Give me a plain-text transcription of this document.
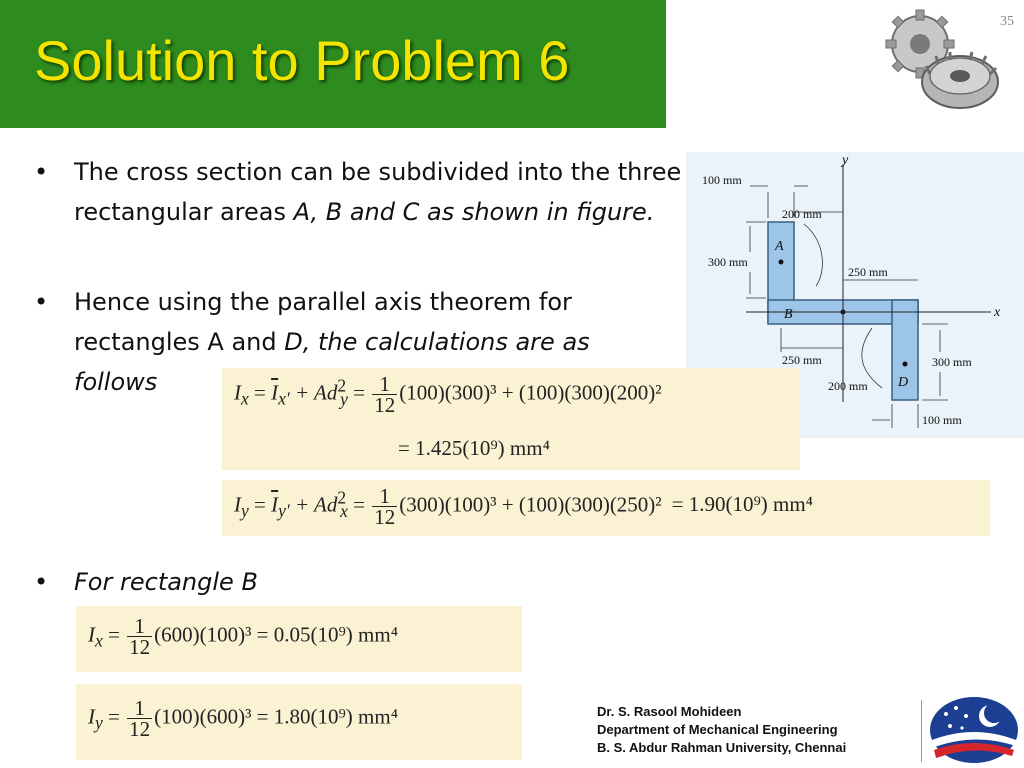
Solution to Problem 6
35
• The cross section can be subdivided into the three rectangular areas A, B and C as shown in figure.
• Hence using the parallel axis theorem for rectangles A and D, the calculations are as follows
• For rectangle B
100 mm
200 mm
300 mm
250 mm
250 mm
200 mm
300 mm
100 mm
A
B
D
x
y
$I_x = \overline{I}_{x'} + Ad^2_y = \frac{1}{12} (100)(300)^3 + (100)(300)(200)^2$
= 1.425(10⁹) mm⁴
$I_y = \overline{I}_{y'} + Ad^2_x = \frac{1}{12} (300)(100)^3 + (100)(300)(250)^2 = 1.90(10^9)$ mm⁴
$I_x = \frac{1}{12} (600)(100)^3 = 0.05(10^9)$ mm⁴
$I_y = \frac{1}{12} (100)(600)^3 = 1.80(10^9)$ mm⁴	Dr. S. Rasool Mohideen
Department of Mechanical Engineering
B. S. Abdur Rahman University, Chennai
